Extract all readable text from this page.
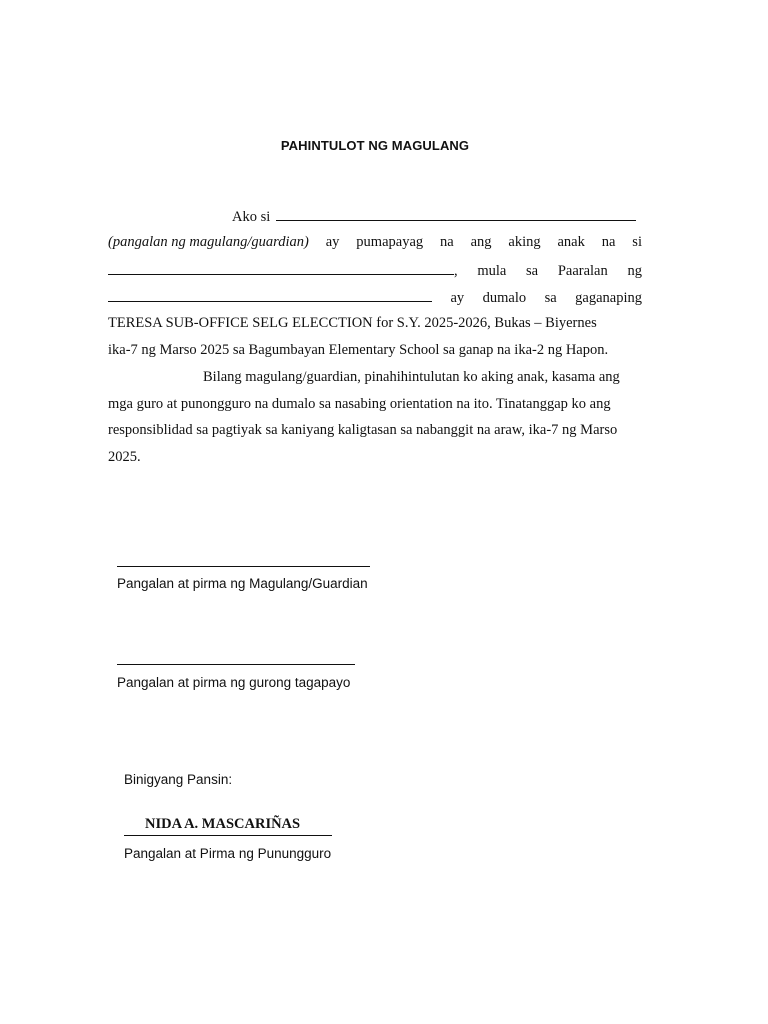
PAHINTULOT NG MAGULANG
Ako si
(pangalan ng magulang/guardian) ay pumapayag na ang aking anak na si
, mula sa Paaralan ng
ay dumalo sa gaganaping
TERESA SUB-OFFICE SELG ELECCTION for S.Y. 2025-2026, Bukas – Biyernes
ika-7 ng Marso 2025 sa Bagumbayan Elementary School sa ganap na ika-2 ng Hapon.
Bilang magulang/guardian, pinahihintulutan ko aking anak, kasama ang
mga guro at punongguro na dumalo sa nasabing orientation na ito. Tinatanggap ko ang
responsiblidad sa pagtiyak sa kaniyang kaligtasan sa nabanggit na araw, ika-7 ng Marso
2025.
Pangalan at pirma ng Magulang/Guardian
Pangalan at pirma ng gurong tagapayo
Binigyang Pansin:
NIDA A. MASCARIÑAS
Pangalan at Pirma ng Punungguro
